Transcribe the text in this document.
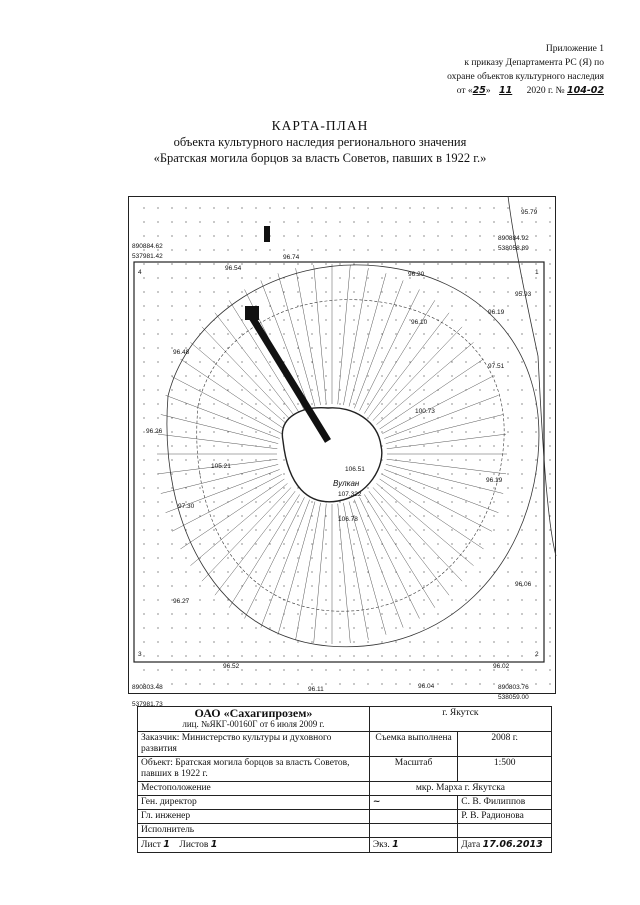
Приложение 1
к приказу Департамента РС (Я) по
охране объектов культурного наследия
от «25» 11 2020 г. № 104-02
КАРТА-ПЛАН
объекта культурного наследия регионального значения
«Братская могила борцов за власть Советов, павших в 1922 г.»
95.79
96.74
96.54
96.20
95.93
96.10
96.19
96.48
97.51
96.26
100.73
106.51
105.21
97.30
106.78
96.19
96.06
96.27
96.02
96.52
96.11	96.04
890884.62
537981.42
890884.92
538058.89
890803.48
537981.73
890803.76
538059.00
4	1
3	2
Вулкан
107.322
ОАО «Сахагипрозем»
лиц. №ЯКГ-00160Г от 6 июля 2009 г.	г. Якутск	
Заказчик: Министерство культуры и духовного развития	Съемка выполнена	2008 г.
Объект: Братская могила борцов за власть Советов, павших в 1922 г.	Масштаб	1:500
Местоположение	мкр. Марха г. Якутска	
Ген. директор	~	С. В. Филиппов
Гл. инженер		Р. В. Радионова
Исполнитель		
Лист 1 Листов 1	Экз. 1	Дата 17.06.2013
